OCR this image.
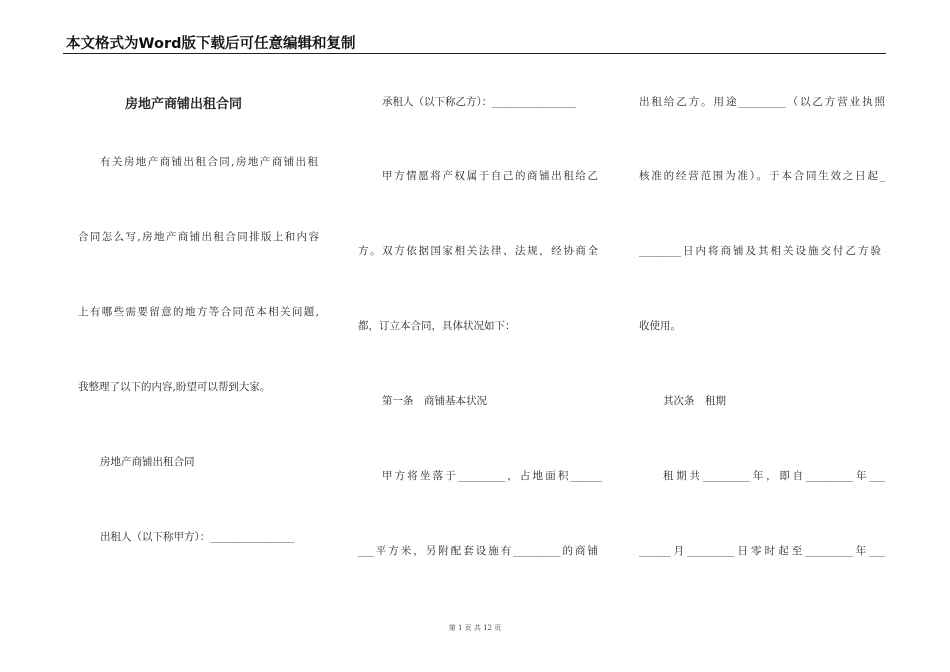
本文格式为Word版下载后可任意编辑和复制
房地产商铺出租合同
有关房地产商铺出租合同,房地产商铺出租
合同怎么写,房地产商铺出租合同排版上和内容
上有哪些需要留意的地方等合同范本相关问题,
我整理了以下的内容,盼望可以帮到大家。
房地产商铺出租合同
出租人（以下称甲方）：________________
承租人（以下称乙方）：________________
甲方情愿将产权属于自己的商铺出租给乙
方。双方依据国家相关法律、法规，经协商全
都，订立本合同，具体状况如下：
第一条　商铺基本状况
甲方将坐落于_________，占地面积______
___平方米，另附配套设施有_________的商铺
出租给乙方。用途_________（以乙方营业执照
核准的经营范围为准）。于本合同生效之日起_
________日内将商铺及其相关设施交付乙方验
收使用。
其次条　租期
租期共_________年，即自_________年___
______月_________日零时起至_________年___
第 1 页 共 12 页
